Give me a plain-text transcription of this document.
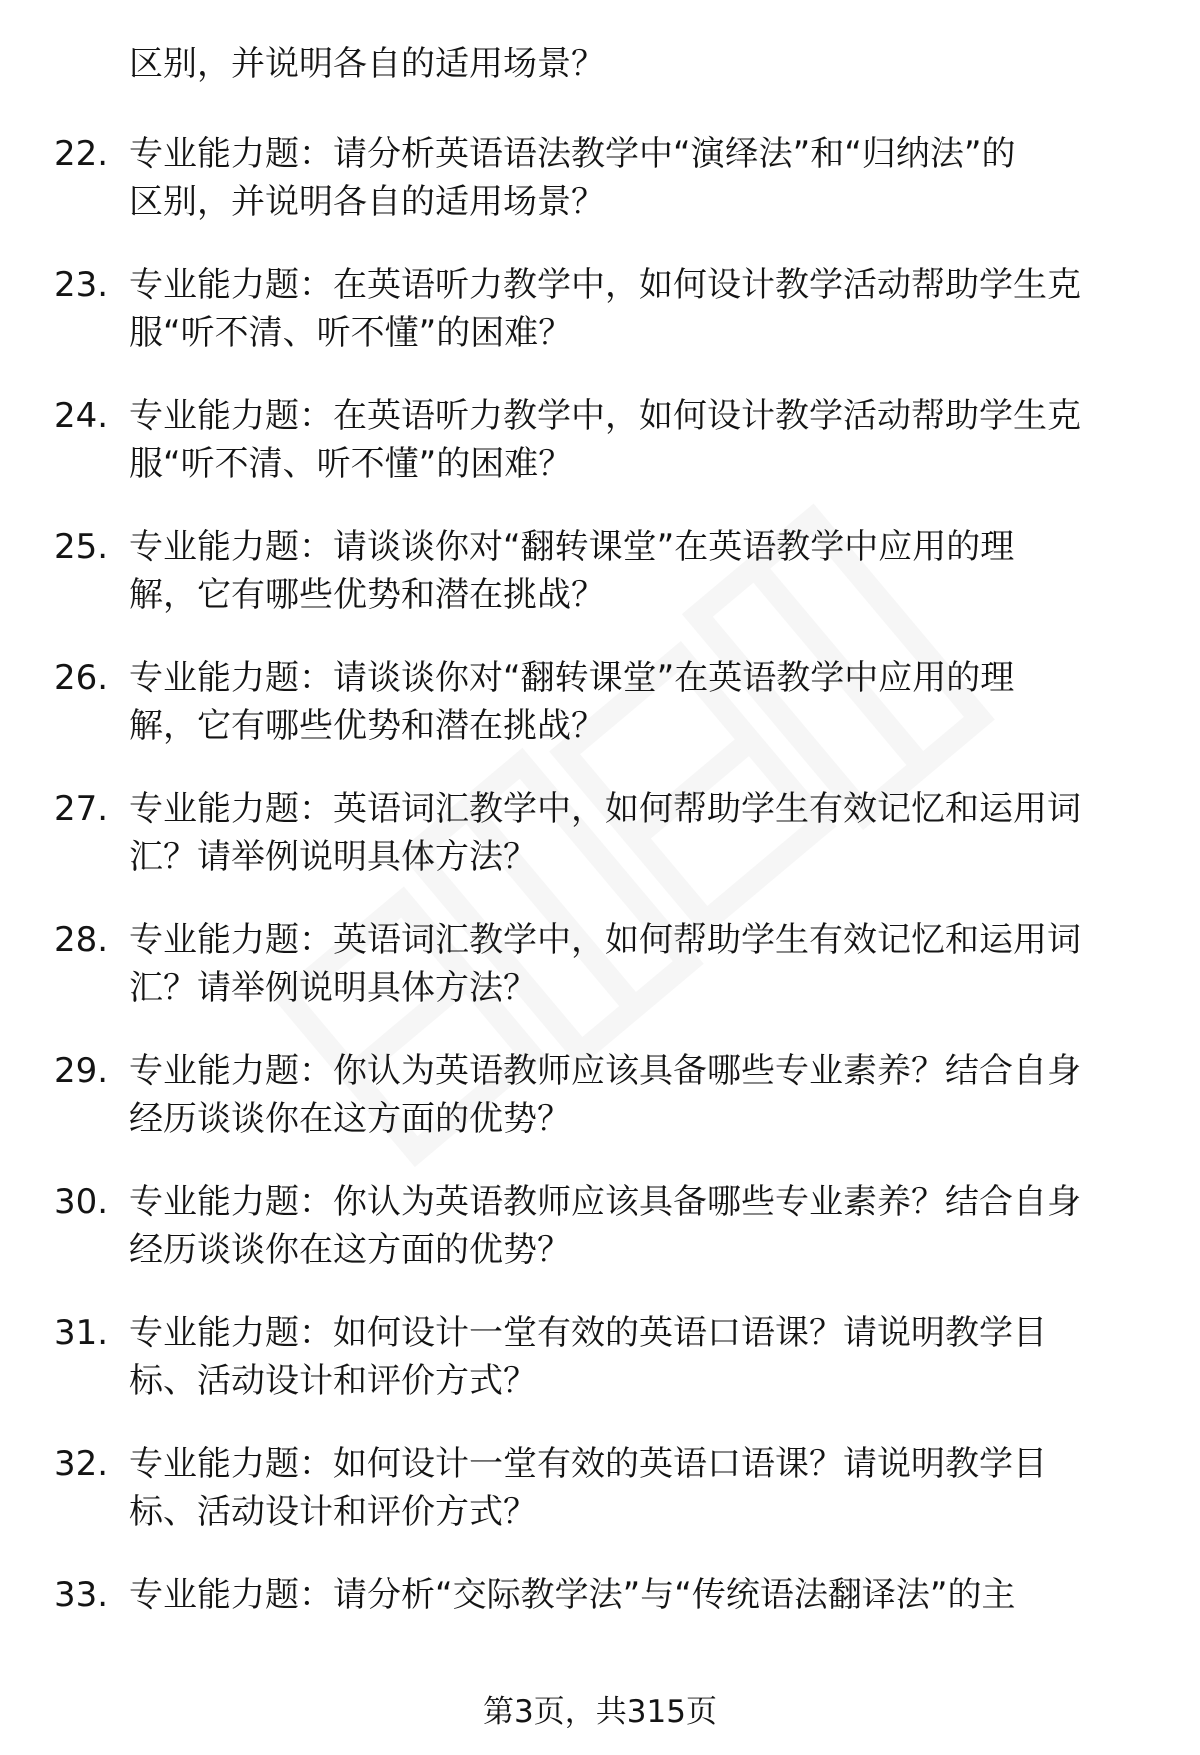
区别，并说明各自的适用场景？
22. 专业能力题：请分析英语语法教学中“演绎法”和“归纳法”的
区别，并说明各自的适用场景？
23. 专业能力题：在英语听力教学中，如何设计教学活动帮助学生克
服“听不清、听不懂”的困难？
24. 专业能力题：在英语听力教学中，如何设计教学活动帮助学生克
服“听不清、听不懂”的困难？
25. 专业能力题：请谈谈你对“翻转课堂”在英语教学中应用的理
解，它有哪些优势和潜在挑战？
26. 专业能力题：请谈谈你对“翻转课堂”在英语教学中应用的理
解，它有哪些优势和潜在挑战？
27. 专业能力题：英语词汇教学中，如何帮助学生有效记忆和运用词
汇？请举例说明具体方法？
28. 专业能力题：英语词汇教学中，如何帮助学生有效记忆和运用词
汇？请举例说明具体方法？
29. 专业能力题：你认为英语教师应该具备哪些专业素养？结合自身
经历谈谈你在这方面的优势？
30. 专业能力题：你认为英语教师应该具备哪些专业素养？结合自身
经历谈谈你在这方面的优势？
31. 专业能力题：如何设计一堂有效的英语口语课？请说明教学目
标、活动设计和评价方式？
32. 专业能力题：如何设计一堂有效的英语口语课？请说明教学目
标、活动设计和评价方式？
33. 专业能力题：请分析“交际教学法”与“传统语法翻译法”的主
第3页，共315页
